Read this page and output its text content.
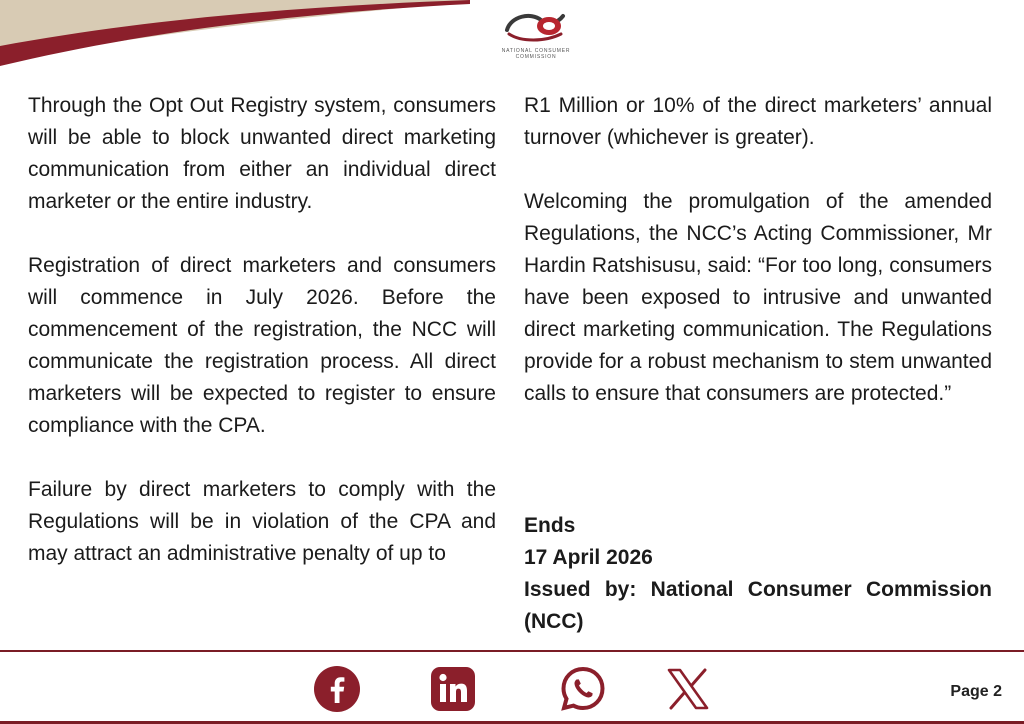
NATIONAL CONSUMER COMMISSION

Through the Opt Out Registry system, consumers will be able to block unwanted direct marketing communication from either an individual direct marketer or the entire industry.

Registration of direct marketers and consumers will commence in July 2026. Before the commencement of the registration, the NCC will communicate the registration process. All direct marketers will be expected to register to ensure compliance with the CPA.

Failure by direct marketers to comply with the Regulations will be in violation of the CPA and may attract an administrative penalty of up to

R1 Million or 10% of the direct marketers’ annual turnover (whichever is greater).

Welcoming the promulgation of the amended Regulations, the NCC’s Acting Commissioner, Mr Hardin Ratshisusu, said: “For too long, consumers have been exposed to intrusive and unwanted direct marketing communication. The Regulations provide for a robust mechanism to stem unwanted calls to ensure that consumers are protected.”

Ends
17 April 2026
Issued by: National Consumer Commission (NCC)
Page 2
